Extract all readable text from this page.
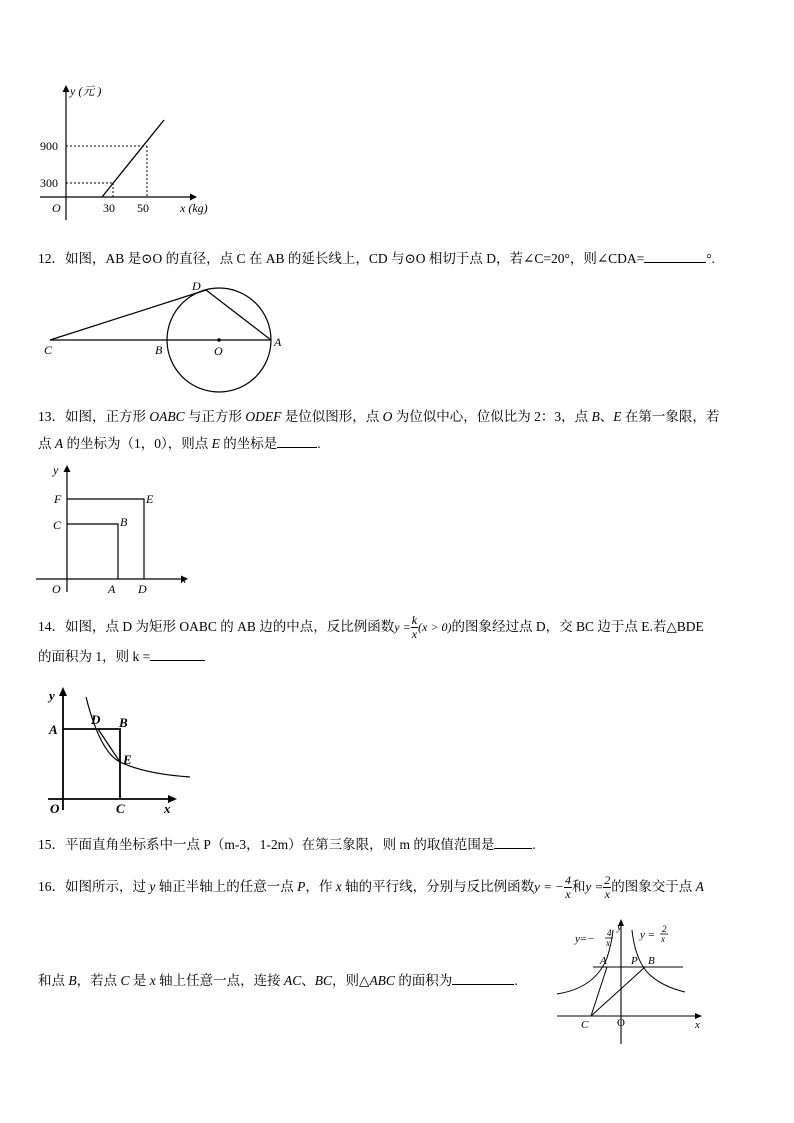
y (元 )
x (kg)
O
900
300
30 50
12．如图，AB 是⊙O 的直径，点 C 在 AB 的延长线上，CD 与⊙O 相切于点 D，若∠C=20°，则∠CDA=	°.
C	B	O
A
D
13．如图，正方形 OABC 与正方形 ODEF 是位似图形，点 O 为位似中心，位似比为 2：3，点 B、E 在第一象限，若
点 A 的坐标为（1，0），则点 E 的坐标是	.
y
x
F	E
C	B
O	A D
14．如图，点 D 为矩形 OABC 的 AB 边的中点，反比例函数$y = \frac{k}{x} (x > 0)$的图象经过点 D，交 BC 边于点 E.若△BDE
的面积为 1，则 k =
y
x
A
D B
E
O	C
15．平面直角坐标系中一点 P（m-3，1-2m）在第三象限，则 m 的取值范围是	.
16．如图所示，过 y 轴正半轴上的任意一点 P，作 x 轴的平行线，分别与反比例函数y = − $\frac{4}{x}$ 和$y = \frac{2}{x}$ 的图象交于点 A
和点 B，若点 C 是 x 轴上任意一点，连接 AC、BC，则△ABC 的面积为	.
y=− 4
x
y
y = 2
x
A P B
C	O	x
